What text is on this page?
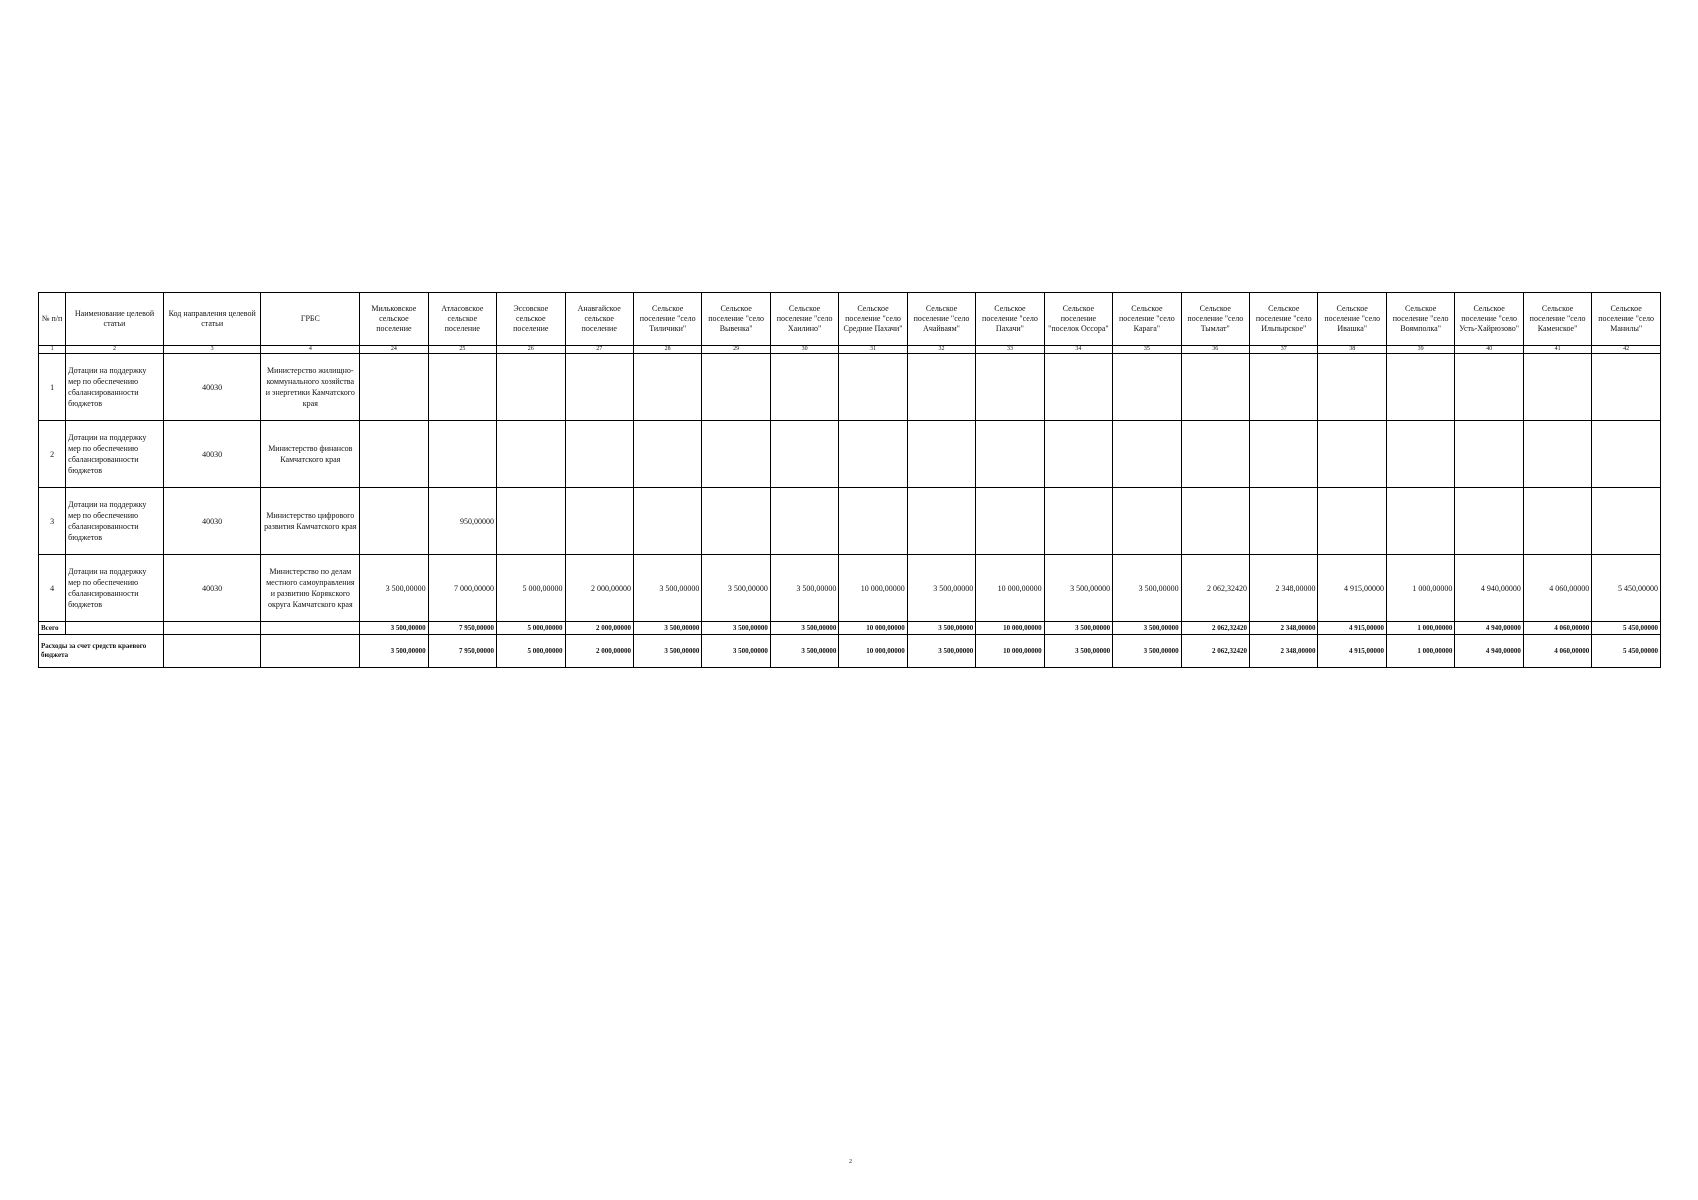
№ п/п	Наименование целевой статьи	Код направления целевой статьи	ГРБС	Мильковское сельское поселение	Атласовское сельское поселение	Эссовское сельское поселение	Анавгайское сельское поселение	Сельское поселение "село Тиличики"	Сельское поселение "село Вывенка"	Сельское поселение "село Хаилино"	Сельское поселение "село Средние Пахачи"	Сельское поселение "село Ачайваям"	Сельское поселение "село Пахачи"	Сельское поселение "поселок Оссора"	Сельское поселение "село Карага"	Сельское поселение "село Тымлат"	Сельское поселение "село Ильпырское"	Сельское поселение "село Ивашка"	Сельское поселение "село Воямполка"	Сельское поселение "село Усть-Хайрюзово"	Сельское поселение "село Каменское"	Сельское поселение "село Манилы"
1	2	3	4	24	25	26	27	28	29	30	31	32	33	34	35	36	37	38	39	40	41	42
1	Дотации на поддержку мер по обеспечению сбалансированности бюджетов	40030	Министерство жилищно-коммунального хозяйства и энергетики Камчатского края																			
2	Дотации на поддержку мер по обеспечению сбалансированности бюджетов	40030	Министерство финансов Камчатского края																			
3	Дотации на поддержку мер по обеспечению сбалансированности бюджетов	40030	Министерство цифрового развития Камчатского края		950,00000																	
4	Дотации на поддержку мер по обеспечению сбалансированности бюджетов	40030	Министерство по делам местного самоуправления и развитию Корякского округа Камчатского края	3 500,00000	7 000,00000	5 000,00000	2 000,00000	3 500,00000	3 500,00000	3 500,00000	10 000,00000	3 500,00000	10 000,00000	3 500,00000	3 500,00000	2 062,32420	2 348,00000	4 915,00000	1 000,00000	4 940,00000	4 060,00000	5 450,00000
Всего				3 500,00000	7 950,00000	5 000,00000	2 000,00000	3 500,00000	3 500,00000	3 500,00000	10 000,00000	3 500,00000	10 000,00000	3 500,00000	3 500,00000	2 062,32420	2 348,00000	4 915,00000	1 000,00000	4 940,00000	4 060,00000	5 450,00000
Расходы за счет средств краевого бюджета				3 500,00000	7 950,00000	5 000,00000	2 000,00000	3 500,00000	3 500,00000	3 500,00000	10 000,00000	3 500,00000	10 000,00000	3 500,00000	3 500,00000	2 062,32420	2 348,00000	4 915,00000	1 000,00000	4 940,00000	4 060,00000	5 450,00000
2
